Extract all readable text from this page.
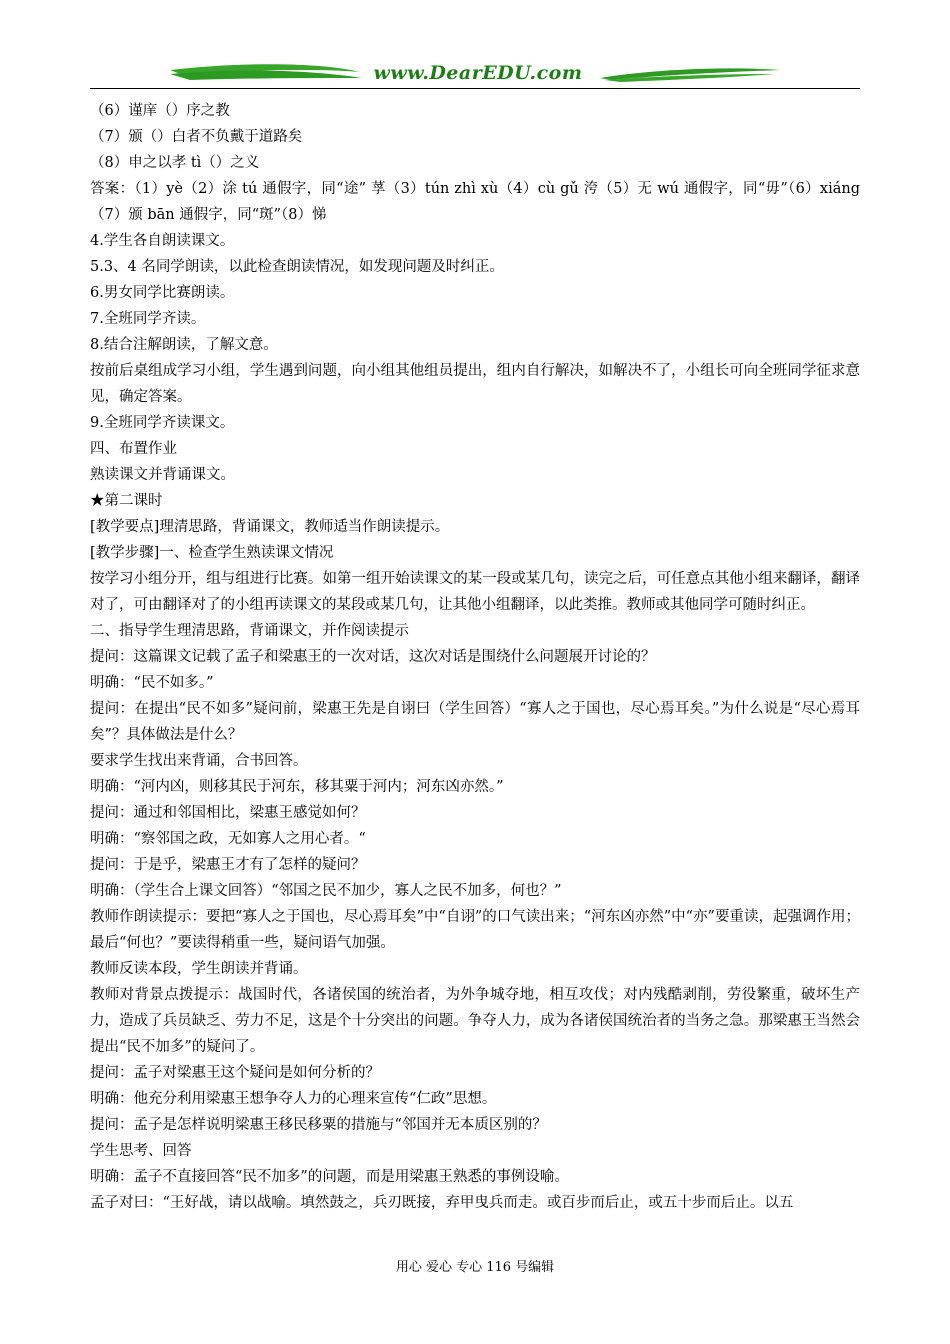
www.DearEDU.com

（6）谨庠（）序之教

（7）颁（）白者不负戴于道路矣

（8）申之以孝 tì（）之义

答案：（1）yè（2）涂 tú 通假字，同“途” 莩（3）tún zhì xù（4）cù gǔ 洿（5）无 wú 通假字，同“毋”（6）xiáng（7）颁 bān 通假字，同“斑”（8）悌

4.学生各自朗读课文。

5.3、4 名同学朗读，以此检查朗读情况，如发现问题及时纠正。

6.男女同学比赛朗读。

7.全班同学齐读。

8.结合注解朗读，了解文意。

按前后桌组成学习小组，学生遇到问题，向小组其他组员提出，组内自行解决，如解决不了，小组长可向全班同学征求意见，确定答案。

9.全班同学齐读课文。

四、布置作业

熟读课文并背诵课文。

★第二课时

[教学要点]理清思路，背诵课文，教师适当作朗读提示。

[教学步骤]一、检查学生熟读课文情况

按学习小组分开，组与组进行比赛。如第一组开始读课文的某一段或某几句，读完之后，可任意点其他小组来翻译，翻译对了，可由翻译对了的小组再读课文的某段或某几句，让其他小组翻译，以此类推。教师或其他同学可随时纠正。

二、指导学生理清思路，背诵课文，并作阅读提示

提问：这篇课文记载了孟子和梁惠王的一次对话，这次对话是围绕什么问题展开讨论的？

明确：“民不如多。”

提问：在提出“民不如多”疑问前，梁惠王先是自诩曰（学生回答）“寡人之于国也，尽心焉耳矣。”为什么说是“尽心焉耳矣”？具体做法是什么？

要求学生找出来背诵，合书回答。

明确：“河内凶，则移其民于河东，移其粟于河内；河东凶亦然。”

提问：通过和邻国相比，梁惠王感觉如何？

明确：“察邻国之政，无如寡人之用心者。“

提问：于是乎，梁惠王才有了怎样的疑问？

明确：（学生合上课文回答）“邻国之民不加少，寡人之民不加多，何也？”

教师作朗读提示：要把“寡人之于国也，尽心焉耳矣”中“自诩”的口气读出来；“河东凶亦然”中“亦”要重读，起强调作用；最后“何也？”要读得稍重一些，疑问语气加强。

教师反读本段，学生朗读并背诵。

教师对背景点拨提示：战国时代，各诸侯国的统治者，为外争城夺地，相互攻伐；对内残酷剥削，劳役繁重，破坏生产力，造成了兵员缺乏、劳力不足，这是个十分突出的问题。争夺人力，成为各诸侯国统治者的当务之急。那梁惠王当然会提出“民不加多”的疑问了。

提问：孟子对梁惠王这个疑问是如何分析的？

明确：他充分利用梁惠王想争夺人力的心理来宣传“仁政”思想。

提问：孟子是怎样说明梁惠王移民移粟的措施与“邻国并无本质区别的？

学生思考、回答

明确：孟子不直接回答“民不加多”的问题，而是用梁惠王熟悉的事例设喻。

孟子对曰：“王好战，请以战喻。填然鼓之，兵刃既接，弃甲曳兵而走。或百步而后止，或五十步而后止。以五

用心 爱心 专心 116 号编辑
